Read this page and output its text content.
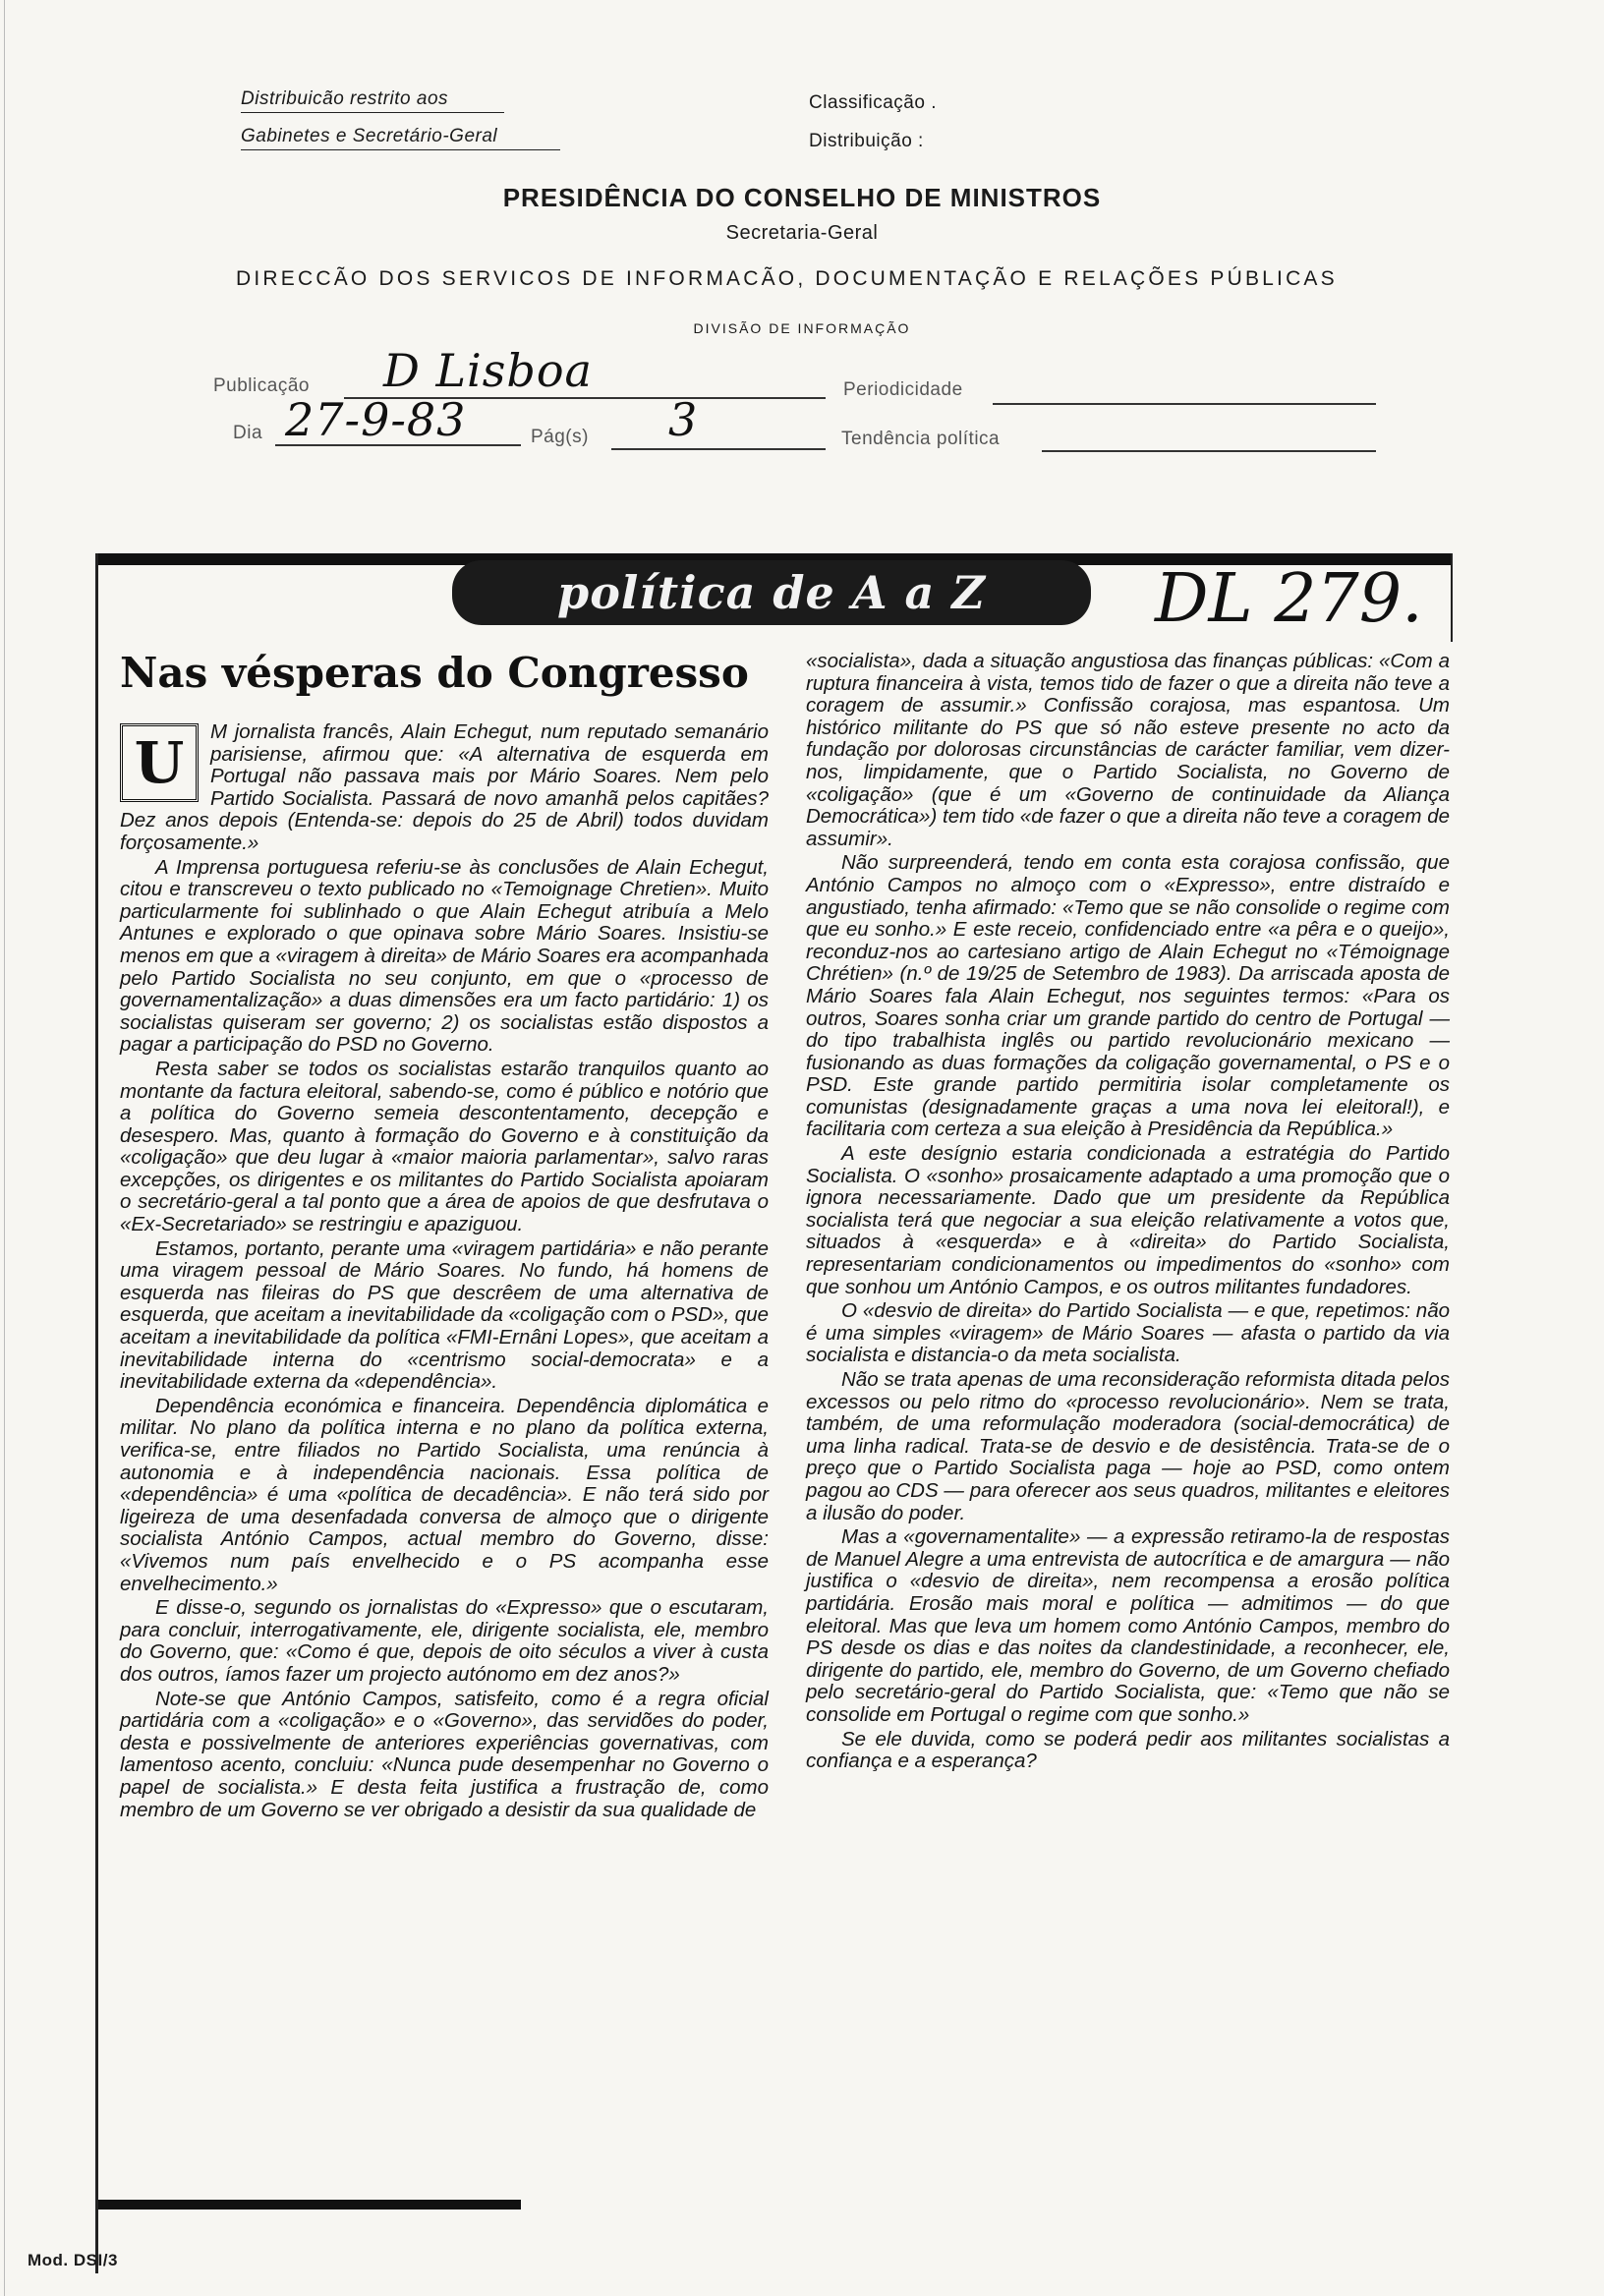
Distribuicão restrito aos
Gabinetes e Secretário-Geral
Classificação .
Distribuição :
PRESIDÊNCIA DO CONSELHO DE MINISTROS
Secretaria-Geral
DIRECCÃO DOS SERVICOS DE INFORMACÃO, DOCUMENTAÇÃO E RELAÇÕES PÚBLICAS
DIVISÃO DE INFORMAÇÃO
Publicação D Lisboa	Periodicidade
Dia 27-9-83	Pág(s) 3	Tendência política
política de A a Z	DL 279.
Nas vésperas do Congresso

U	M jornalista francês, Alain Echegut, num reputado semanário parisiense, afirmou que: «A alternativa de esquerda em Portugal não passava mais por Mário Soares. Nem pelo Partido Socialista. Passará de novo amanhã pelos capitães? Dez anos depois (Entenda-se: depois do 25 de Abril) todos duvidam forçosamente.»

A Imprensa portuguesa referiu-se às conclusões de Alain Echegut, citou e transcreveu o texto publicado no «Temoignage Chretien». Muito particularmente foi sublinhado o que Alain Echegut atribuía a Melo Antunes e explorado o que opinava sobre Mário Soares. Insistiu-se menos em que a «viragem à direita» de Mário Soares era acompanhada pelo Partido Socialista no seu conjunto, em que o «processo de governamentalização» a duas dimensões era um facto partidário: 1) os socialistas quiseram ser governo; 2) os socialistas estão dispostos a pagar a participação do PSD no Governo.

Resta saber se todos os socialistas estarão tranquilos quanto ao montante da factura eleitoral, sabendo-se, como é público e notório que a política do Governo semeia descontentamento, decepção e desespero. Mas, quanto à formação do Governo e à constituição da «coligação» que deu lugar à «maior maioria parlamentar», salvo raras excepções, os dirigentes e os militantes do Partido Socialista apoiaram o secretário-geral a tal ponto que a área de apoios de que desfrutava o «Ex-Secretariado» se restringiu e apaziguou.

Estamos, portanto, perante uma «viragem partidária» e não perante uma viragem pessoal de Mário Soares. No fundo, há homens de esquerda nas fileiras do PS que descrêem de uma alternativa de esquerda, que aceitam a inevitabilidade da «coligação com o PSD», que aceitam a inevitabilidade da política «FMI-Ernâni Lopes», que aceitam a inevitabilidade interna do «centrismo social-democrata» e a inevitabilidade externa da «dependência».

Dependência económica e financeira. Dependência diplomática e militar. No plano da política interna e no plano da política externa, verifica-se, entre filiados no Partido Socialista, uma renúncia à autonomia e à independência nacionais. Essa política de «dependência» é uma «política de decadência». E não terá sido por ligeireza de uma desenfadada conversa de almoço que o dirigente socialista António Campos, actual membro do Governo, disse: «Vivemos num país envelhecido e o PS acompanha esse envelhecimento.»

E disse-o, segundo os jornalistas do «Expresso» que o escutaram, para concluir, interrogativamente, ele, dirigente socialista, ele, membro do Governo, que: «Como é que, depois de oito séculos a viver à custa dos outros, íamos fazer um projecto autónomo em dez anos?»

Note-se que António Campos, satisfeito, como é a regra oficial partidária com a «coligação» e o «Governo», das servidões do poder, desta e possivelmente de anteriores experiências governativas, com lamentoso acento, concluiu: «Nunca pude desempenhar no Governo o papel de socialista.» E desta feita justifica a frustração de, como membro de um Governo se ver obrigado a desistir da sua qualidade de

«socialista», dada a situação angustiosa das finanças públicas: «Com a ruptura financeira à vista, temos tido de fazer o que a direita não teve a coragem de assumir.» Confissão corajosa, mas espantosa. Um histórico militante do PS que só não esteve presente no acto da fundação por dolorosas circunstâncias de carácter familiar, vem dizer-nos, limpidamente, que o Partido Socialista, no Governo de «coligação» (que é um «Governo de continuidade da Aliança Democrática») tem tido «de fazer o que a direita não teve a coragem de assumir».

Não surpreenderá, tendo em conta esta corajosa confissão, que António Campos no almoço com o «Expresso», entre distraído e angustiado, tenha afirmado: «Temo que se não consolide o regime com que eu sonho.» E este receio, confidenciado entre «a pêra e o queijo», reconduz-nos ao cartesiano artigo de Alain Echegut no «Témoignage Chrétien» (n.º de 19/25 de Setembro de 1983). Da arriscada aposta de Mário Soares fala Alain Echegut, nos seguintes termos: «Para os outros, Soares sonha criar um grande partido do centro de Portugal — do tipo trabalhista inglês ou partido revolucionário mexicano — fusionando as duas formações da coligação governamental, o PS e o PSD. Este grande partido permitiria isolar completamente os comunistas (designadamente graças a uma nova lei eleitoral!), e facilitaria com certeza a sua eleição à Presidência da República.»

A este desígnio estaria condicionada a estratégia do Partido Socialista. O «sonho» prosaicamente adaptado a uma promoção que o ignora necessariamente. Dado que um presidente da República socialista terá que negociar a sua eleição relativamente a votos que, situados à «esquerda» e à «direita» do Partido Socialista, representariam condicionamentos ou impedimentos do «sonho» com que sonhou um António Campos, e os outros militantes fundadores.

O «desvio de direita» do Partido Socialista — e que, repetimos: não é uma simples «viragem» de Mário Soares — afasta o partido da via socialista e distancia-o da meta socialista.

Não se trata apenas de uma reconsideração reformista ditada pelos excessos ou pelo ritmo do «processo revolucionário». Nem se trata, também, de uma reformulação moderadora (social-democrática) de uma linha radical. Trata-se de desvio e de desistência. Trata-se de o preço que o Partido Socialista paga — hoje ao PSD, como ontem pagou ao CDS — para oferecer aos seus quadros, militantes e eleitores a ilusão do poder.

Mas a «governamentalite» — a expressão retiramo-la de respostas de Manuel Alegre a uma entrevista de autocrítica e de amargura — não justifica o «desvio de direita», nem recompensa a erosão política partidária. Erosão mais moral e política — admitimos — do que eleitoral. Mas que leva um homem como António Campos, membro do PS desde os dias e das noites da clandestinidade, a reconhecer, ele, dirigente do partido, ele, membro do Governo, de um Governo chefiado pelo secretário-geral do Partido Socialista, que: «Temo que não se consolide em Portugal o regime com que sonho.»

Se ele duvida, como se poderá pedir aos militantes socialistas a confiança e a esperança?

Mod. DSI/3
